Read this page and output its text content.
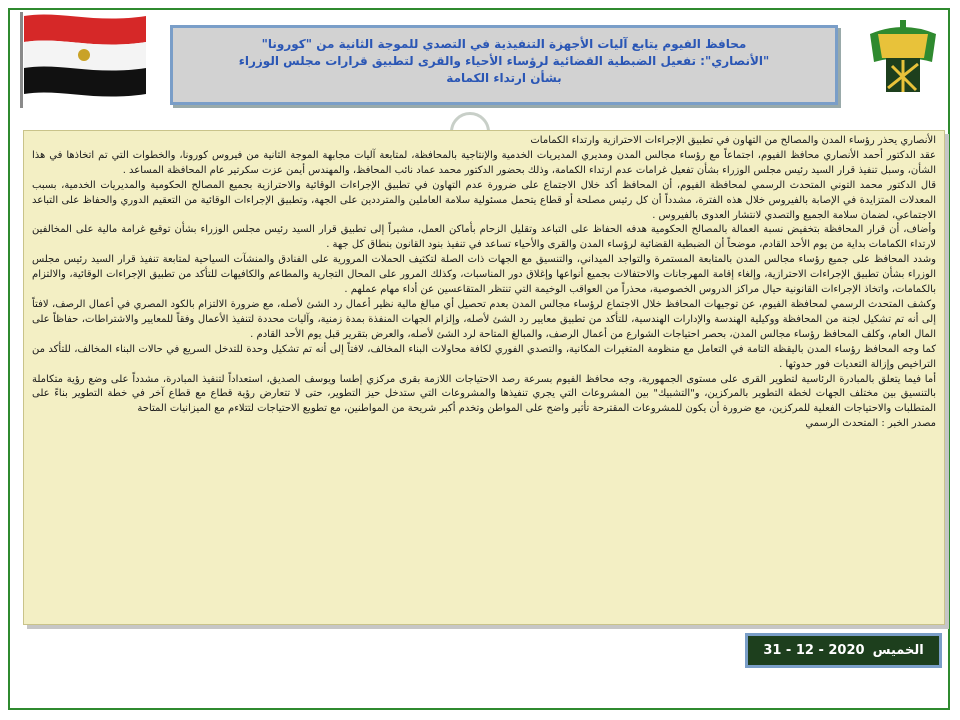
محافظ الفيوم يتابع آليات الأجهزة التنفيذية في التصدي للموجة الثانية من "كورونا"
"الأنصاري": تفعيل الضبطية القضائية لرؤساء الأحياء والقرى لتطبيق قرارات مجلس الوزراء
بشأن ارتداء الكمامة

الأنصاري يحذر رؤساء المدن والمصالح من التهاون في تطبيق الإجراءات الاحترازية وارتداء الكمامات

عقد الدكتور أحمد الأنصاري محافظ الفيوم، اجتماعاً مع رؤساء مجالس المدن ومديري المديريات الخدمية والإنتاجية بالمحافظة، لمتابعة آليات مجابهة الموجة الثانية من فيروس كورونا، والخطوات التي تم اتخاذها في هذا الشأن، وسبل تنفيذ قرار السيد رئيس مجلس الوزراء بشأن تفعيل غرامات عدم ارتداء الكمامة، وذلك بحضور الدكتور محمد عماد نائب المحافظ، والمهندس أيمن عزت سكرتير عام المحافظة المساعد .

قال الدكتور محمد التوني المتحدث الرسمي لمحافظة الفيوم، أن المحافظ أكد خلال الاجتماع على ضرورة عدم التهاون في تطبيق الإجراءات الوقائية والاحترازية بجميع المصالح الحكومية والمديريات الخدمية، بسبب المعدلات المتزايدة في الإصابة بالفيروس خلال هذه الفترة، مشدداً أن كل رئيس مصلحة أو قطاع يتحمل مسئولية سلامة العاملين والمترددين على الجهة، وتطبيق الإجراءات الوقائية من التعقيم الدوري والحفاظ على التباعد الاجتماعي، لضمان سلامة الجميع والتصدي لانتشار العدوى بالفيروس .

وأضاف، أن قرار المحافظة بتخفيض نسبة العمالة بالمصالح الحكومية هدفه الحفاظ على التباعد وتقليل الزحام بأماكن العمل، مشيراً إلى تطبيق قرار السيد رئيس مجلس الوزراء بشأن توقيع غرامة مالية على المخالفين لارتداء الكمامات بداية من يوم الأحد القادم، موضحاً أن الضبطية القضائية لرؤساء المدن والقرى والأحياء تساعد في تنفيذ بنود القانون بنطاق كل جهة .

وشدد المحافظ على جميع رؤساء مجالس المدن بالمتابعة المستمرة والتواجد الميداني، والتنسيق مع الجهات ذات الصلة لتكثيف الحملات المرورية على الفنادق والمنشآت السياحية لمتابعة تنفيذ قرار السيد رئيس مجلس الوزراء بشأن تطبيق الإجراءات الاحترازية، وإلغاء إقامة المهرجانات والاحتفالات بجميع أنواعها وإغلاق دور المناسبات، وكذلك المرور على المحال التجارية والمطاعم والكافيهات للتأكد من تطبيق الإجراءات الوقائية، والالتزام بالكمامات، واتخاذ الإجراءات القانونية حيال مراكز الدروس الخصوصية، محذراً من العواقب الوخيمة التي تنتظر المتقاعسين عن أداء مهام عملهم .

وكشف المتحدث الرسمي لمحافظة الفيوم، عن توجيهات المحافظ خلال الاجتماع لرؤساء مجالس المدن بعدم تحصيل أي مبالغ مالية نظير أعمال رد الشئ لأصله، مع ضرورة الالتزام بالكود المصري في أعمال الرصف، لافتاً إلى أنه تم تشكيل لجنة من المحافظة ووكيلية الهندسة والإدارات الهندسية، للتأكد من تطبيق معايير رد الشئ لأصله، وإلزام الجهات المنفذة بمدة زمنية، وآليات محددة لتنفيذ الأعمال وفقاً للمعايير والاشتراطات، حفاظاً على المال العام، وكلف المحافظ رؤساء مجالس المدن، بحصر احتياجات الشوارع من أعمال الرصف، والمبالغ المتاحة لرد الشئ لأصله، والعرض بتقرير قبل يوم الأحد القادم .

كما وجه المحافظ رؤساء المدن باليقظة التامة في التعامل مع منظومة المتغيرات المكانية، والتصدي الفوري لكافة محاولات البناء المخالف، لافتاً إلى أنه تم تشكيل وحدة للتدخل السريع في حالات البناء المخالف، للتأكد من التراخيص وإزالة التعديات فور حدوثها .

أما فيما يتعلق بالمبادرة الرئاسية لتطوير القرى على مستوى الجمهورية، وجه محافظ الفيوم بسرعة رصد الاحتياجات اللازمة بقرى مركزي إطسا ويوسف الصديق، استعداداً لتنفيذ المبادرة، مشدداً على وضع رؤية متكاملة بالتنسيق بين مختلف الجهات لخطة التطوير بالمركزين، و"التشبيك" بين المشروعات التي يجري تنفيذها والمشروعات التي ستدخل حيز التطوير، حتى لا تتعارض رؤية قطاع مع قطاع آخر في خطة التطوير بناءً على المتطلبات والاحتياجات الفعلية للمركزين، مع ضرورة أن يكون للمشروعات المقترحة تأثير واضح على المواطن وتخدم أكبر شريحة من المواطنين، مع تطويع الاحتياجات لتتلاءم مع الميزانيات المتاحة

مصدر الخبر : المتحدث الرسمي

الخميس
31 - 12 - 2020
